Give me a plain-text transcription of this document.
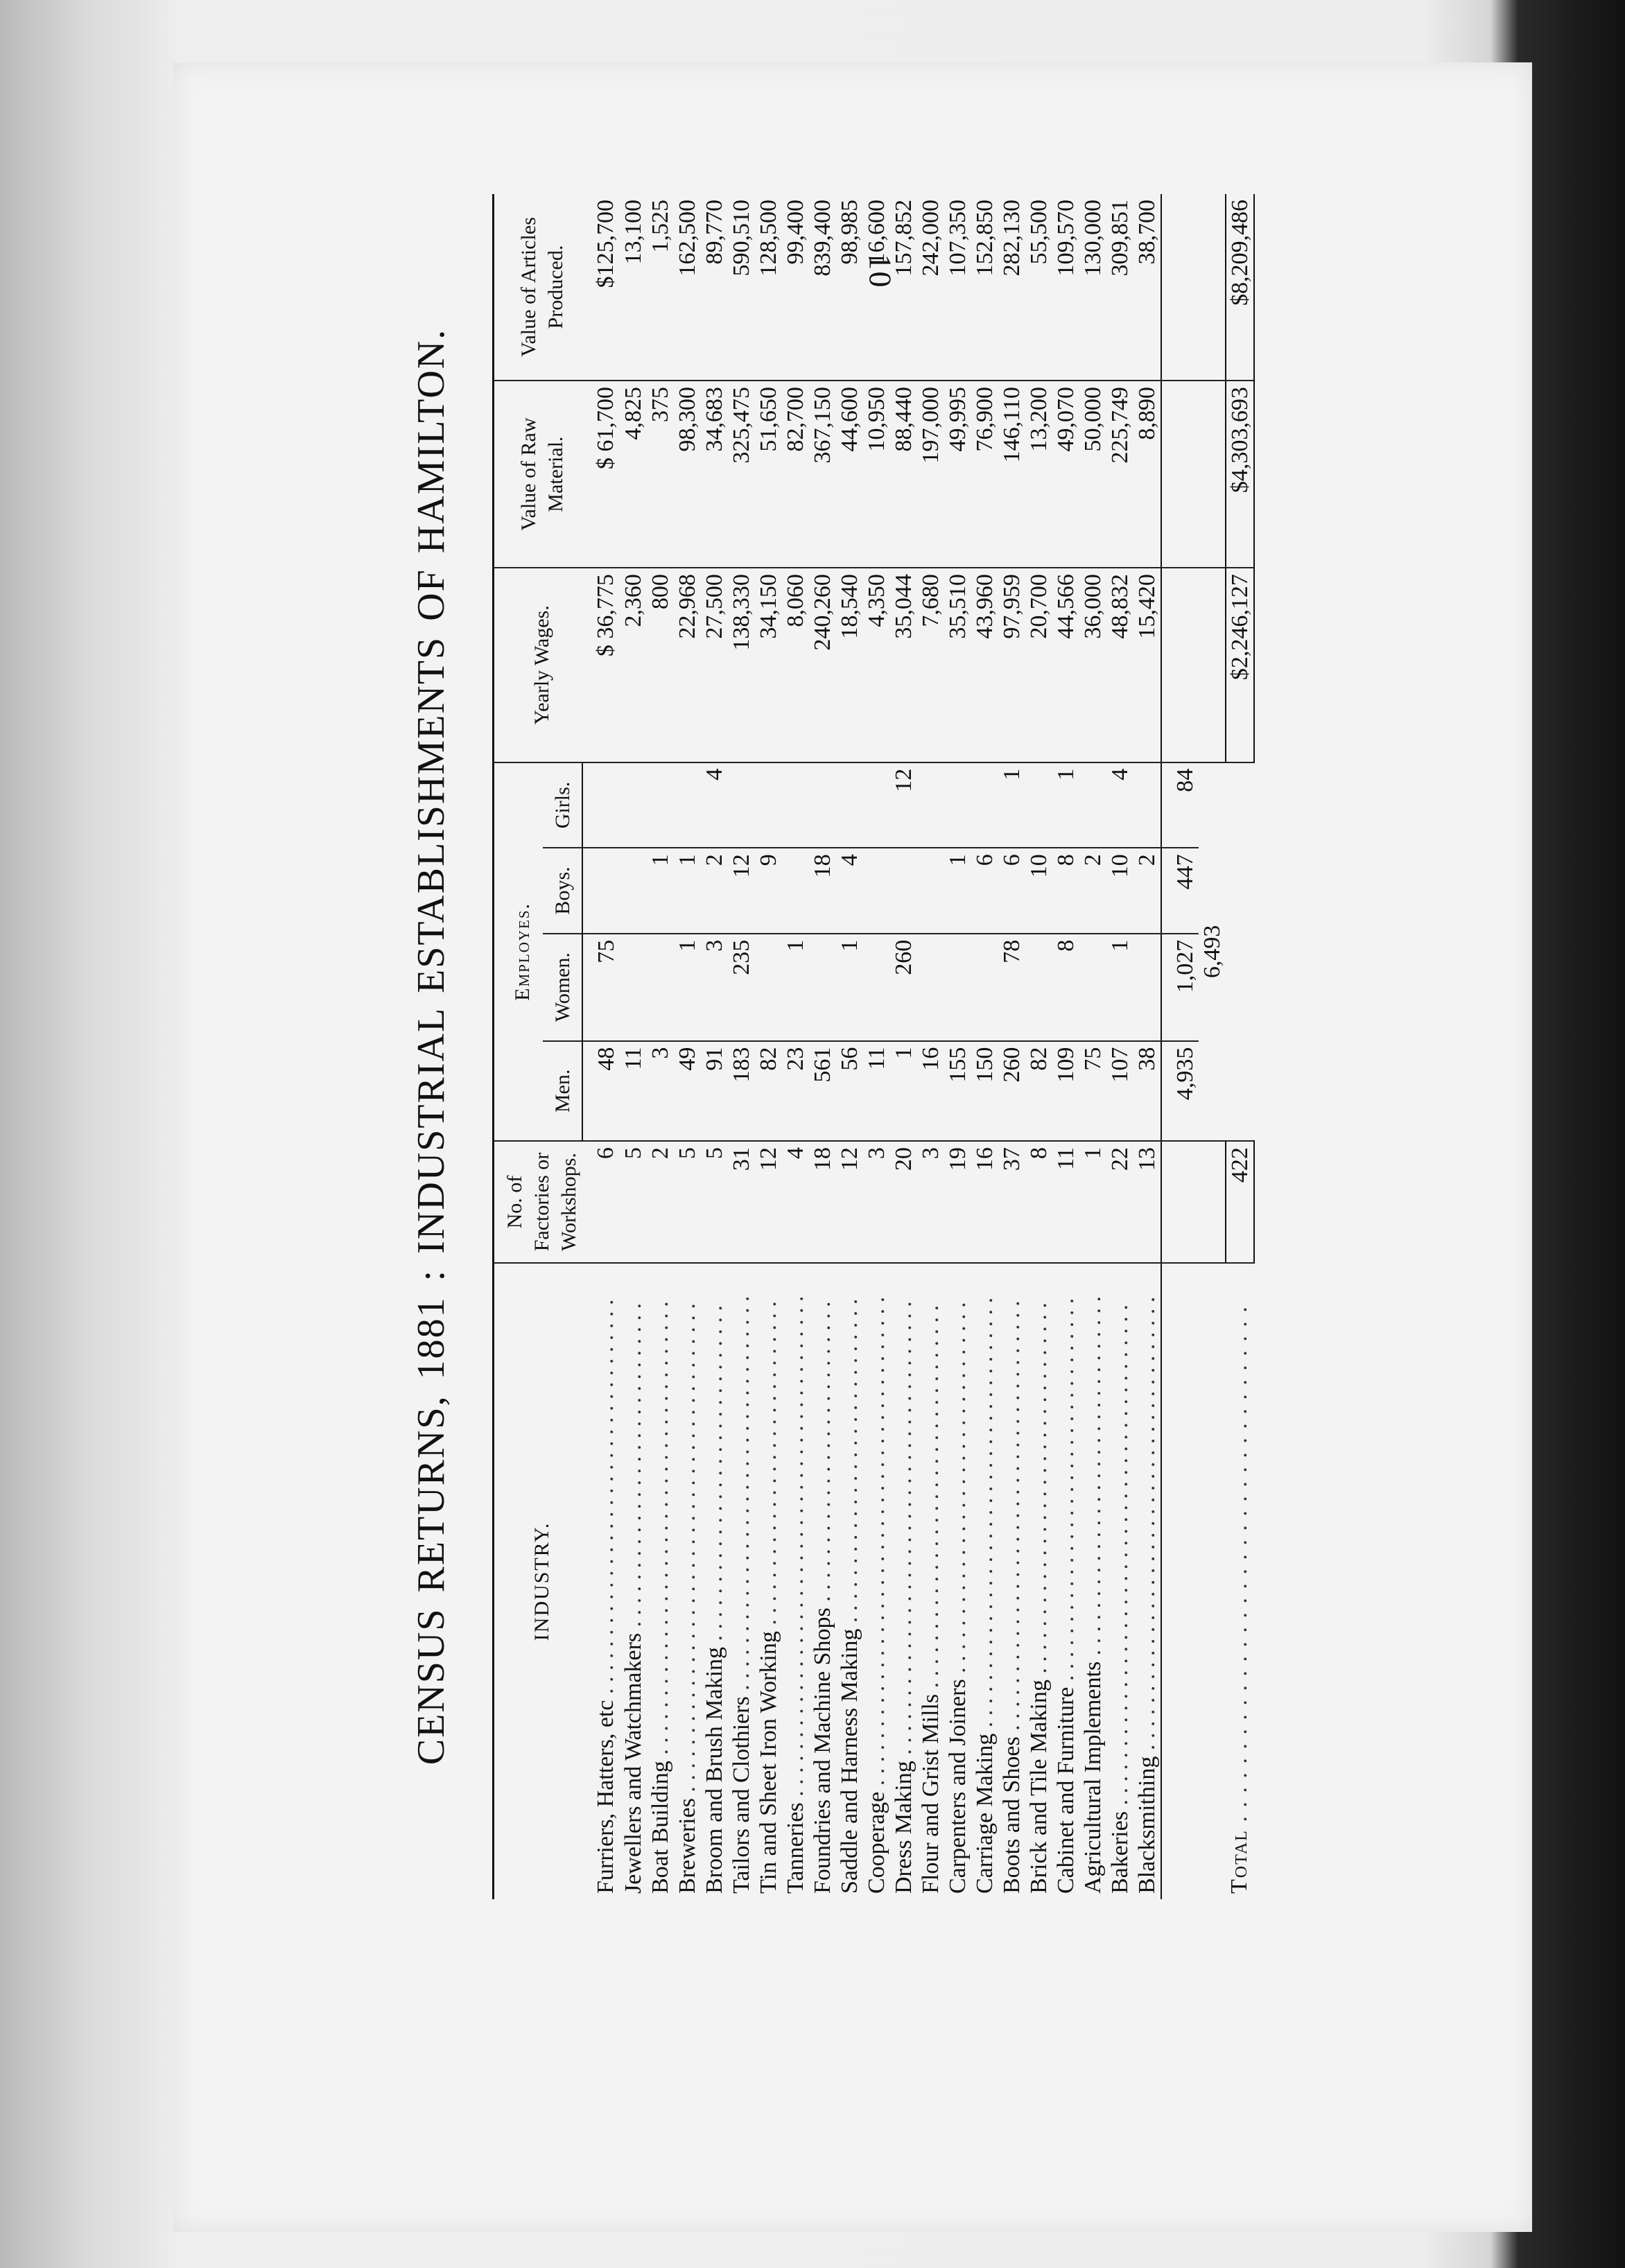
10
CENSUS RETURNS, 1881 : INDUSTRIAL ESTABLISHMENTS OF HAMILTON.	INDUSTRY.	No. of Factories or Workshops.	Employes.				Yearly Wages.	Value of Raw Material.	Value of Articles Produced.
		Men.	Women.	Boys.	Girls.			

Furriers, Hatters, etc . . .	6	48	75			$ 36,775	$ 61,700	$125,700

Jewellers and Watchmakers . . .	5	11				2,360	4,825	13,100

Boat Building . . .	2	3		1		800	375	1,525

Breweries . . .	5	49	1	1		22,968	98,300	162,500

Broom and Brush Making . . .	5	91	3	2	4	27,500	34,683	89,770

Tailors and Clothiers . . .	31	183	235	12		138,330	325,475	590,510

Tin and Sheet Iron Working . . .	12	82		9		34,150	51,650	128,500

Tanneries . . .	4	23	1			8,060	82,700	99,400

Foundries and Machine Shops . . .	18	561		18		240,260	367,150	839,400

Saddle and Harness Making . . .	12	56	1	4		18,540	44,600	98,985

Cooperage . . .	3	11				4,350	10,950	16,600

Dress Making . . .	20	1	260		12	35,044	88,440	157,852

Flour and Grist Mills . . .	3	16				7,680	197,000	242,000

Carpenters and Joiners . . .	19	155		1		35,510	49,995	107,350

Carriage Making . . .	16	150		6		43,960	76,900	152,850

Boots and Shoes . . .	37	260	78	6	1	97,959	146,110	282,130

Brick and Tile Making . . .	8	82		10		20,700	13,200	55,500

Cabinet and Furniture . . .	11	109	8	8	1	44,566	49,070	109,570

Agricultural Implements . . .	1	75		2		36,000	50,000	130,000

Bakeries . . .	22	107	1	10	4	48,832	225,749	309,851

Blacksmithing . . .	13	38		2		15,420	8,890	38,700
		4,935	1,027	447	84			
		6,493						

Total . . .	422					$2,246,127	$4,303,693	$8,209,486
